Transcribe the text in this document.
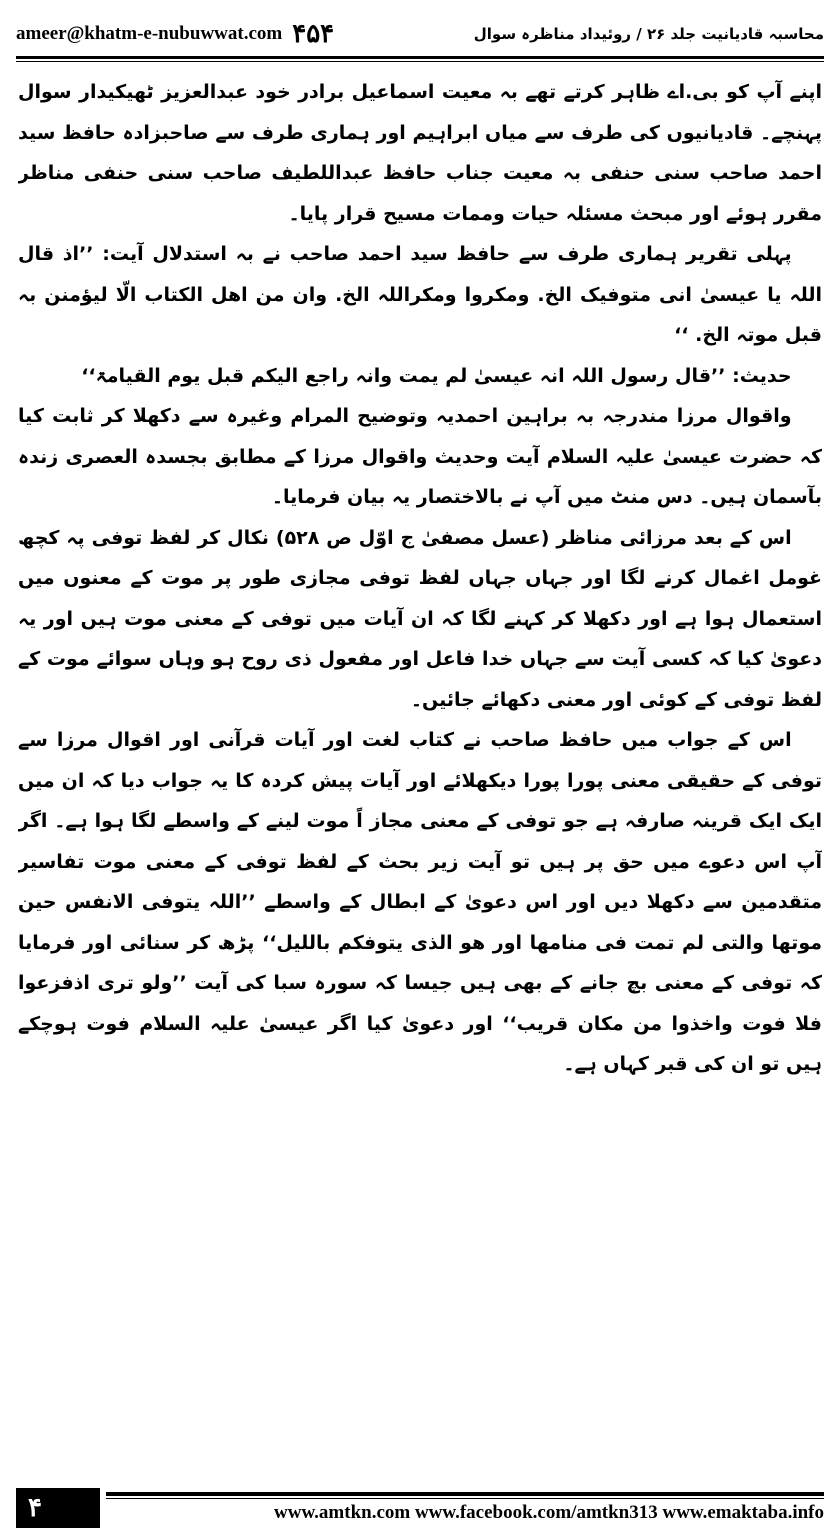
ameer@khatm-e-nubuwwat.com ۴۵۴	محاسبہ قادیانیت جلد ۲۶ / روئیداد مناظرہ سوال

اپنے آپ کو بی.اے ظاہر کرتے تھے بہ معیت اسماعیل برادر خود عبدالعزیز ٹھیکیدار سوال پہنچے۔ قادیانیوں کی طرف سے میاں ابراہیم اور ہماری طرف سے صاحبزادہ حافظ سید احمد صاحب سنی حنفی بہ معیت جناب حافظ عبداللطیف صاحب سنی حنفی مناظر مقرر ہوئے اور مبحث مسئلہ حیات وممات مسیح قرار پایا۔

پہلی تقریر ہماری طرف سے حافظ سید احمد صاحب نے بہ استدلال آیت: ’’اذ قال اللہ یا عیسیٰ انی متوفیک الخ. ومکروا ومکراللہ الخ. وان من اھل الکتاب الّا لیؤمنن بہ قبل موتہ الخ. ‘‘

حدیث: ’’قال رسول اللہ انہ عیسیٰ لم یمت وانہ راجع الیکم قبل یوم القیامۃ‘‘

واقوال مرزا مندرجہ بہ براہین احمدیہ وتوضیح المرام وغیرہ سے دکھلا کر ثابت کیا کہ حضرت عیسیٰ علیہ السلام آیت وحدیث واقوال مرزا کے مطابق بجسدہ العصری زندہ بآسمان ہیں۔ دس منٹ میں آپ نے بالاختصار یہ بیان فرمایا۔

اس کے بعد مرزائی مناظر (عسل مصفیٰ ج اوّل ص ۵۲۸) نکال کر لفظ توفی پہ کچھ غومل اغمال کرنے لگا اور جہاں جہاں لفظ توفی مجازی طور پر موت کے معنوں میں استعمال ہوا ہے اور دکھلا کر کہنے لگا کہ ان آیات میں توفی کے معنی موت ہیں اور یہ دعویٰ کیا کہ کسی آیت سے جہاں خدا فاعل اور مفعول ذی روح ہو وہاں سوائے موت کے لفظ توفی کے کوئی اور معنی دکھائے جائیں۔

اس کے جواب میں حافظ صاحب نے کتاب لغت اور آیات قرآنی اور اقوال مرزا سے توفی کے حقیقی معنی پورا پورا دیکھلائے اور آیات پیش کردہ کا یہ جواب دیا کہ ان میں ایک ایک قرینہ صارفہ ہے جو توفی کے معنی مجاز اً موت لینے کے واسطے لگا ہوا ہے۔ اگر آپ اس دعوے میں حق پر ہیں تو آیت زیر بحث کے لفظ توفی کے معنی موت تفاسیر متقدمین سے دکھلا دیں اور اس دعویٰ کے ابطال کے واسطے ’’اللہ یتوفی الانفس حین موتھا والتی لم تمت فی منامھا اور ھو الذی یتوفکم باللیل‘‘ پڑھ کر سنائی اور فرمایا کہ توفی کے معنی بچ جانے کے بھی ہیں جیسا کہ سورہ سبا کی آیت ’’ولو تری اذفزعوا فلا فوت واخذوا من مکان قریب‘‘ اور دعویٰ کیا اگر عیسیٰ علیہ السلام فوت ہوچکے ہیں تو ان کی قبر کہاں ہے۔

۴	www.amtkn.com www.facebook.com/amtkn313 www.emaktaba.info
